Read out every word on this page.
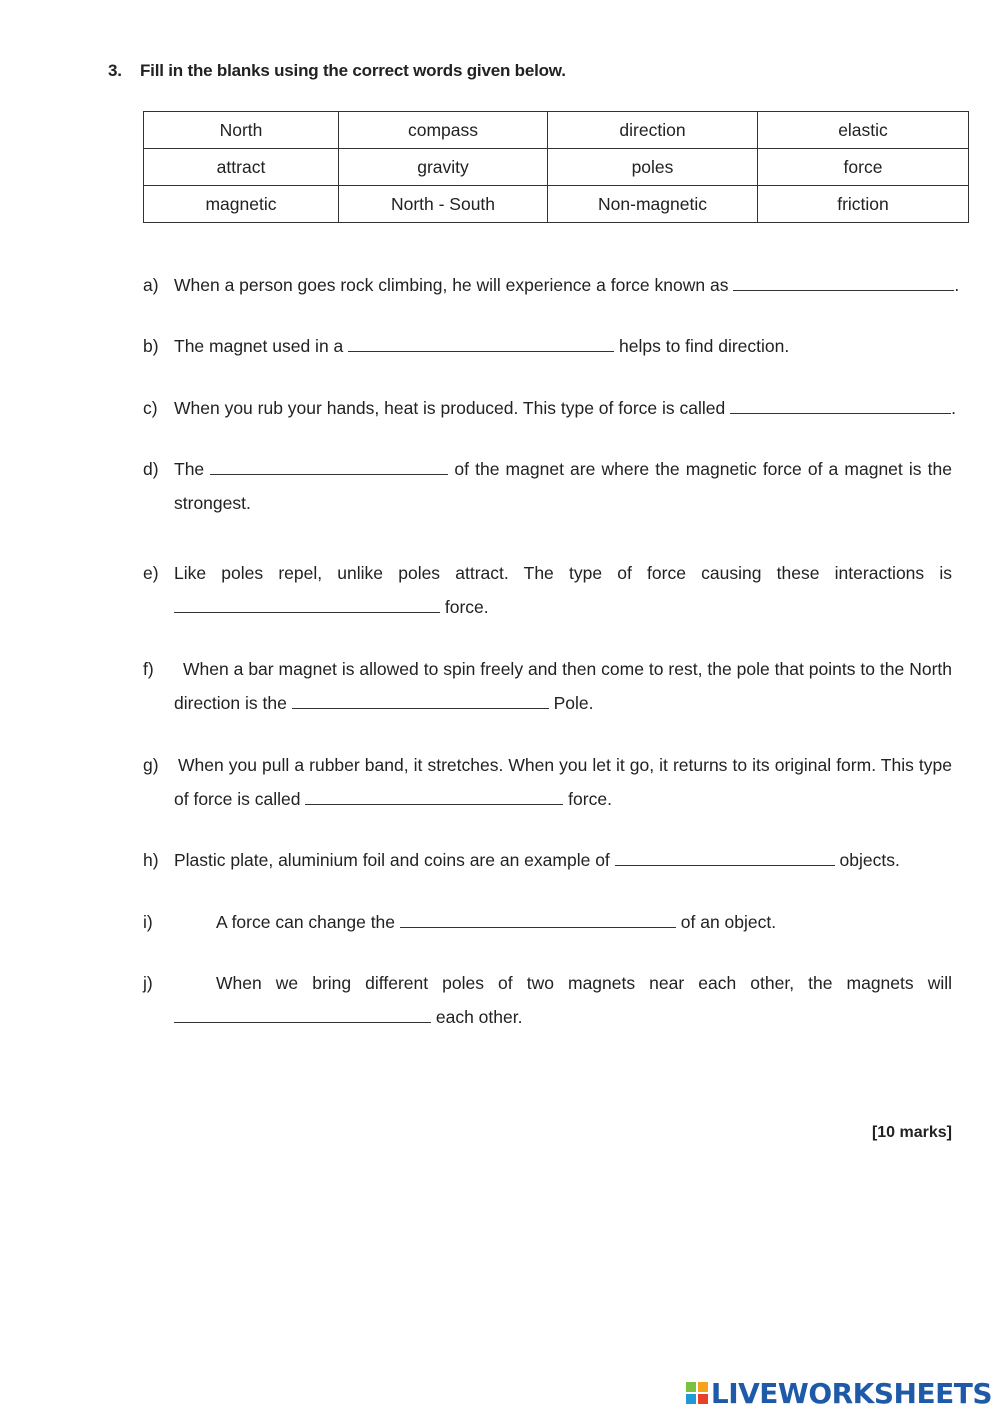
3. Fill in the blanks using the correct words given below.
North	compass	direction	elastic
attract	gravity	poles	force
magnetic	North - South	Non-magnetic	friction
a) When a person goes rock climbing, he will experience a force known as	.
b) The magnet used in a	helps to find direction.
c) When you rub your hands, heat is produced. This type of force is called	.
d) The	of the magnet are where the magnetic force of a magnet is the strongest.
e) Like poles repel, unlike poles attract. The type of force causing these interactions is  force.
f)	When a bar magnet is allowed to spin freely and then come to rest, the pole that points to the North direction is the	Pole.
g) When you pull a rubber band, it stretches. When you let it go, it returns to its original form. This type of force is called	force.
h) Plastic plate, aluminium foil and coins are an example of	objects.
i)	A force can change the	of an object.
j)	When we bring different poles of two magnets near each other, the magnets will  each other.
[10 marks]
LIVEWORKSHEETS
